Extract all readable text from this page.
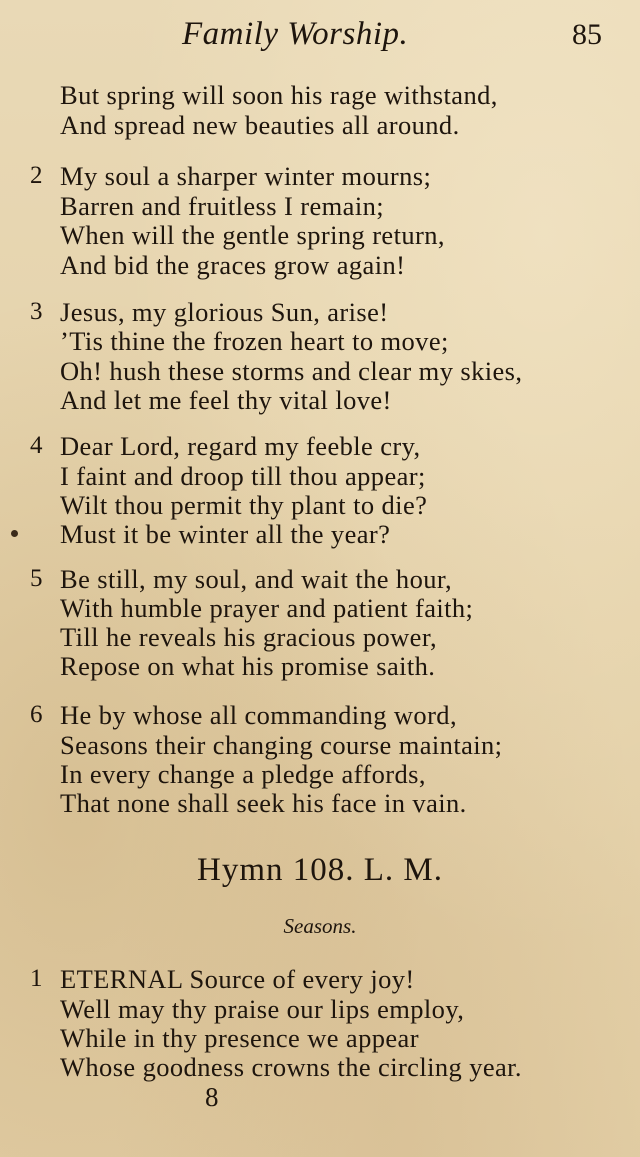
Family Worship.	85
But spring will soon his rage withstand,
And spread new beauties all around.
2 My soul a sharper winter mourns;
Barren and fruitless I remain;
When will the gentle spring return,
And bid the graces grow again!
3 Jesus, my glorious Sun, arise!
’Tis thine the frozen heart to move;
Oh! hush these storms and clear my skies,
And let me feel thy vital love!
4 Dear Lord, regard my feeble cry,
I faint and droop till thou appear;
Wilt thou permit thy plant to die?
Must it be winter all the year?
5 Be still, my soul, and wait the hour,
With humble prayer and patient faith;
Till he reveals his gracious power,
Repose on what his promise saith.
6 He by whose all commanding word,
Seasons their changing course maintain;
In every change a pledge affords,
That none shall seek his face in vain.
Hymn 108. L. M.
Seasons.
1 ETERNAL Source of every joy!
Well may thy praise our lips employ,
While in thy presence we appear
Whose goodness crowns the circling year.
8
